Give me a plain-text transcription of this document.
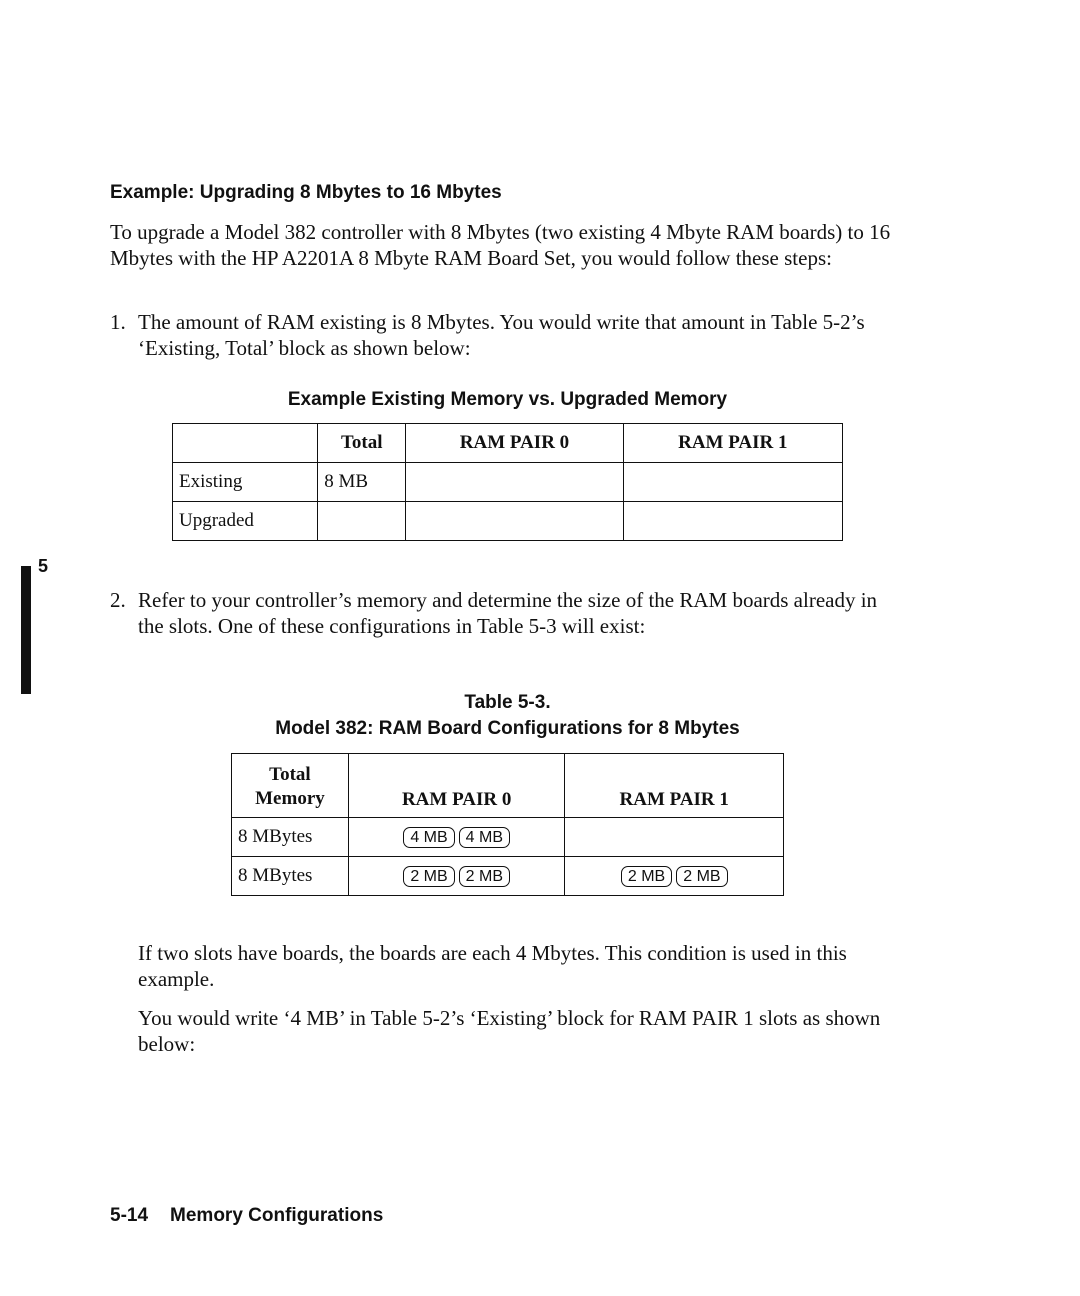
5
Example: Upgrading 8 Mbytes to 16 Mbytes

To upgrade a Model 382 controller with 8 Mbytes (two existing 4 Mbyte RAM boards) to 16 Mbytes with the HP A2201A 8 Mbyte RAM Board Set, you would follow these steps:

1. The amount of RAM existing is 8 Mbytes. You would write that amount in Table 5-2’s ‘Existing, Total’ block as shown below:
Example Existing Memory vs. Upgraded Memory
	Total	RAM PAIR 0	RAM PAIR 1
Existing	8 MB		
Upgraded			
2. Refer to your controller’s memory and determine the size of the RAM boards already in the slots. One of these configurations in Table 5-3 will exist:
Table 5-3.
Model 382: RAM Board Configurations for 8 Mbytes
Total Memory	RAM PAIR 0	RAM PAIR 1
8 MBytes	4 MB 4 MB	
8 MBytes	2 MB 2 MB	2 MB 2 MB

If two slots have boards, the boards are each 4 Mbytes. This condition is used in this example.

You would write ‘4 MB’ in Table 5-2’s ‘Existing’ block for RAM PAIR 1 slots as shown below:

5-14 Memory Configurations
